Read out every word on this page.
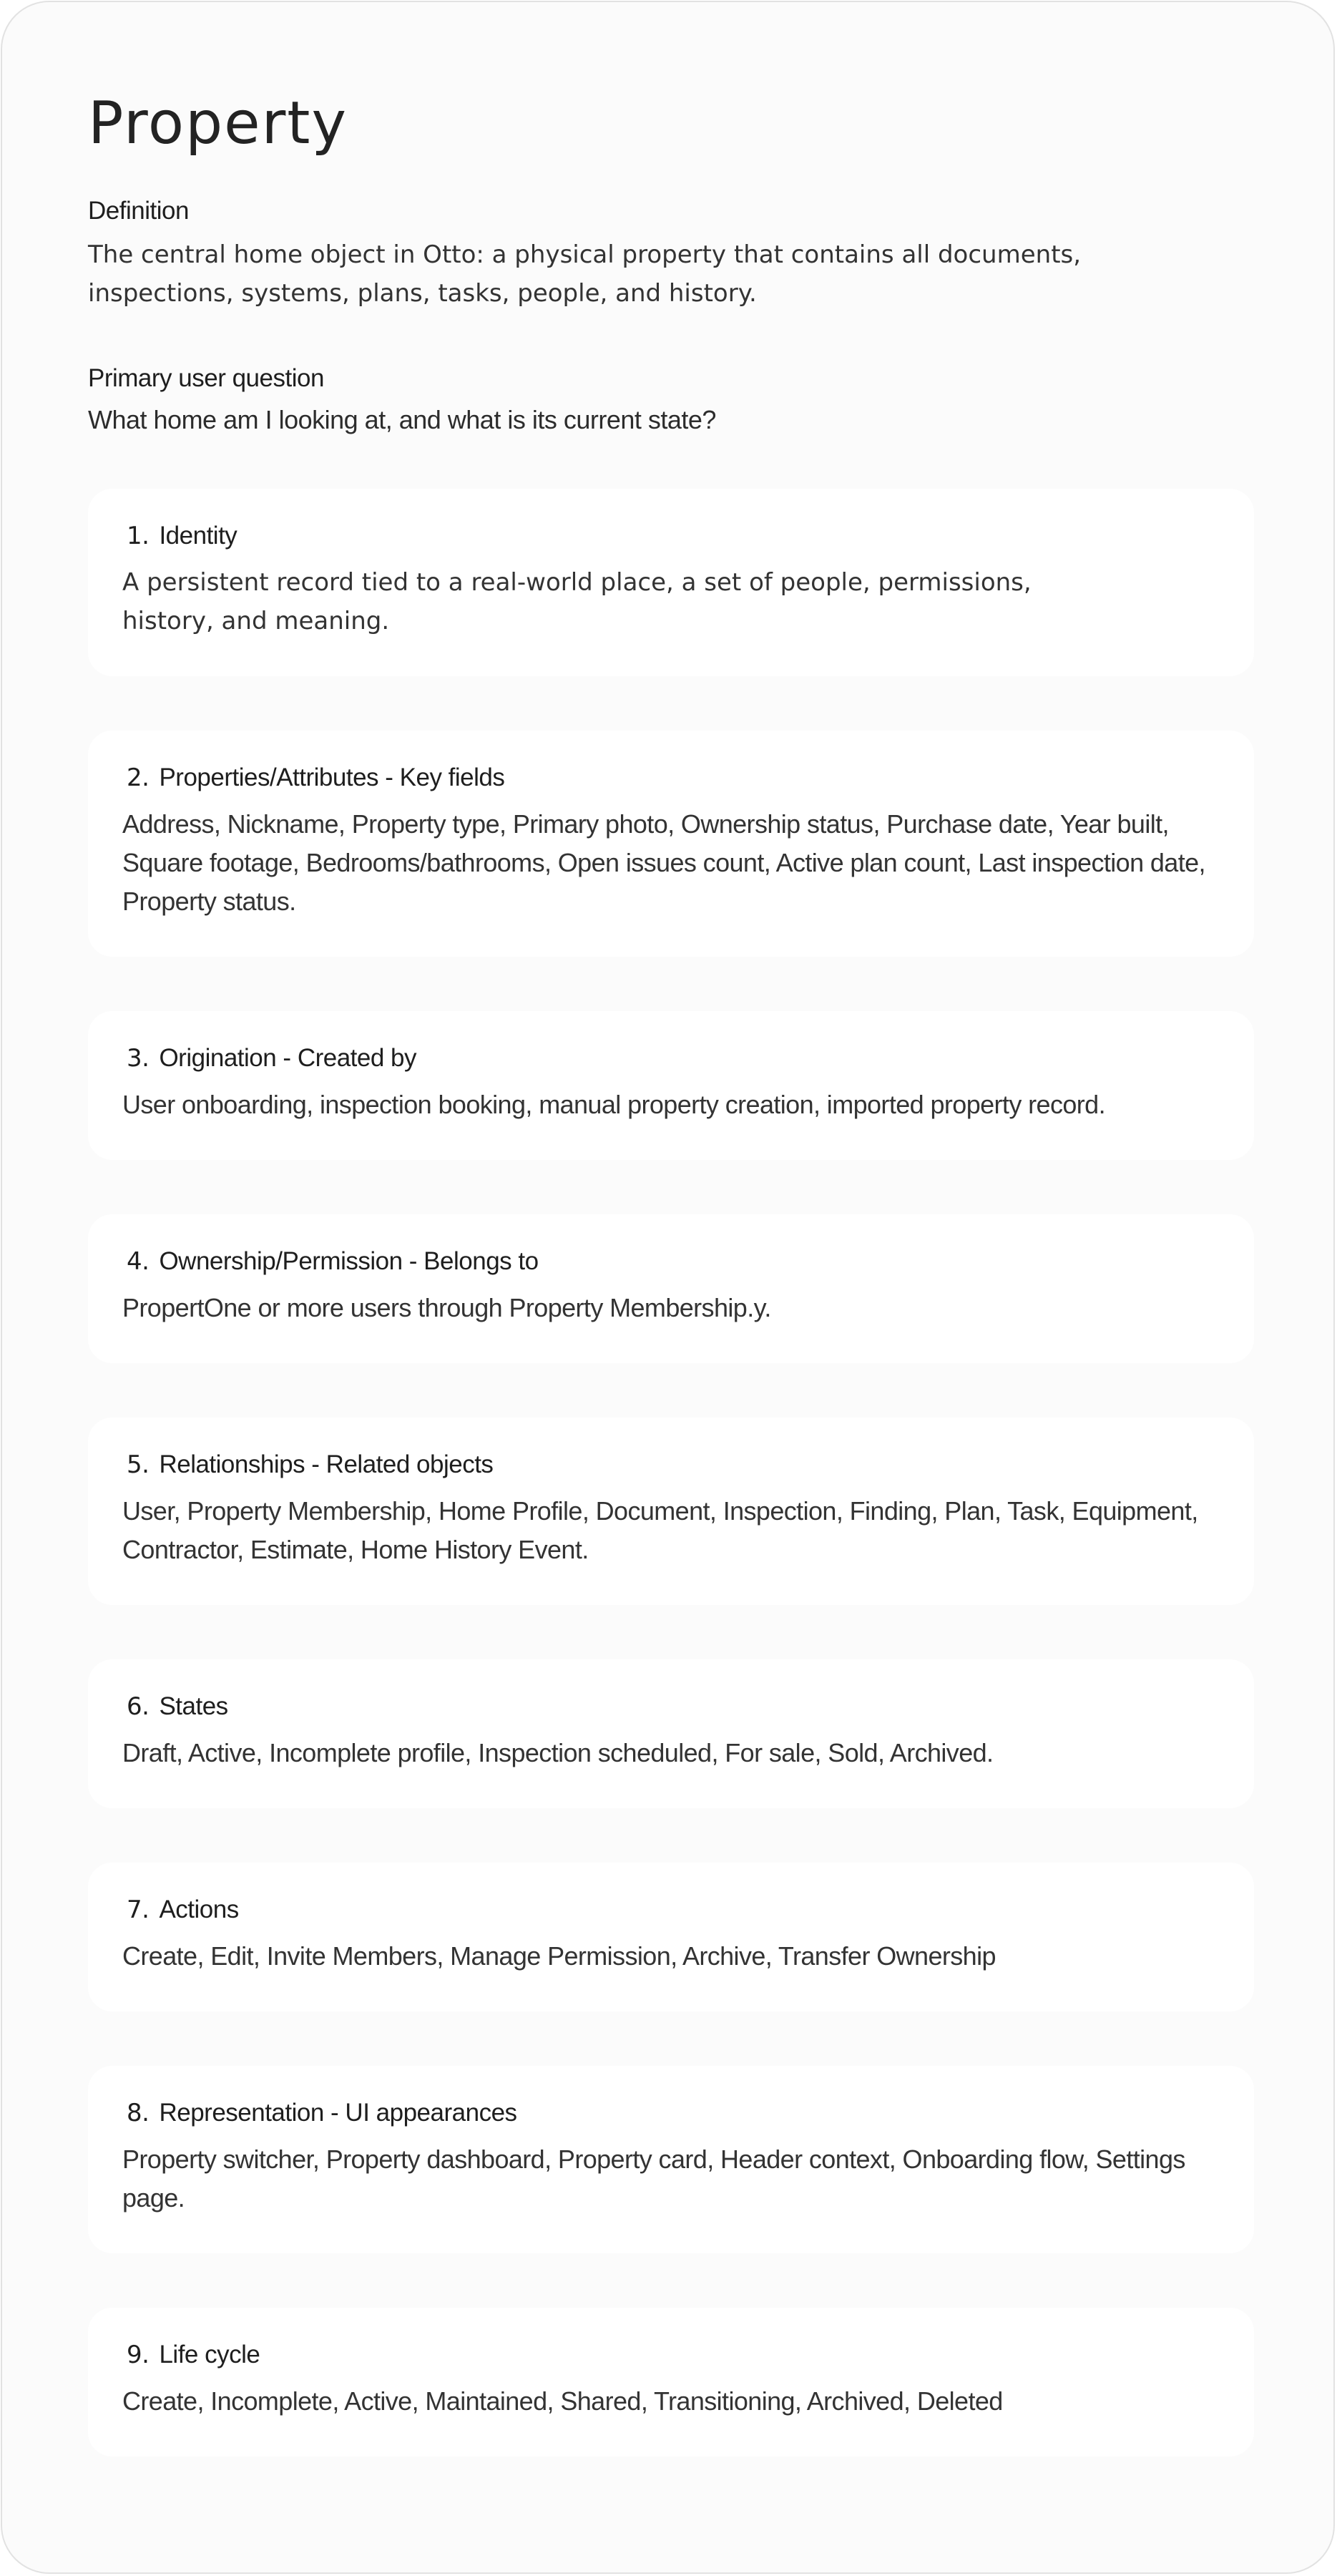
Property
Definition
The central home object in Otto: a physical property that contains all documents, inspections, systems, plans, tasks, people, and history.
Primary user question
What home am I looking at, and what is its current state?
1. Identity
A persistent record tied to a real-world place, a set of people, permissions, history, and meaning.
2. Properties/Attributes - Key fields
Address, Nickname, Property type, Primary photo, Ownership status, Purchase date, Year built, Square footage, Bedrooms/bathrooms, Open issues count, Active plan count, Last inspection date, Property status.
3. Origination - Created by
User onboarding, inspection booking, manual property creation, imported property record.
4. Ownership/Permission - Belongs to
PropertOne or more users through Property Membership.y.
5. Relationships - Related objects
User, Property Membership, Home Profile, Document, Inspection, Finding, Plan, Task, Equipment, Contractor, Estimate, Home History Event.
6. States
Draft, Active, Incomplete profile, Inspection scheduled, For sale, Sold, Archived.
7. Actions
Create, Edit, Invite Members, Manage Permission, Archive, Transfer Ownership
8. Representation - UI appearances
Property switcher, Property dashboard, Property card, Header context, Onboarding flow, Settings page.
9. Life cycle
Create, Incomplete, Active, Maintained, Shared, Transitioning, Archived, Deleted
